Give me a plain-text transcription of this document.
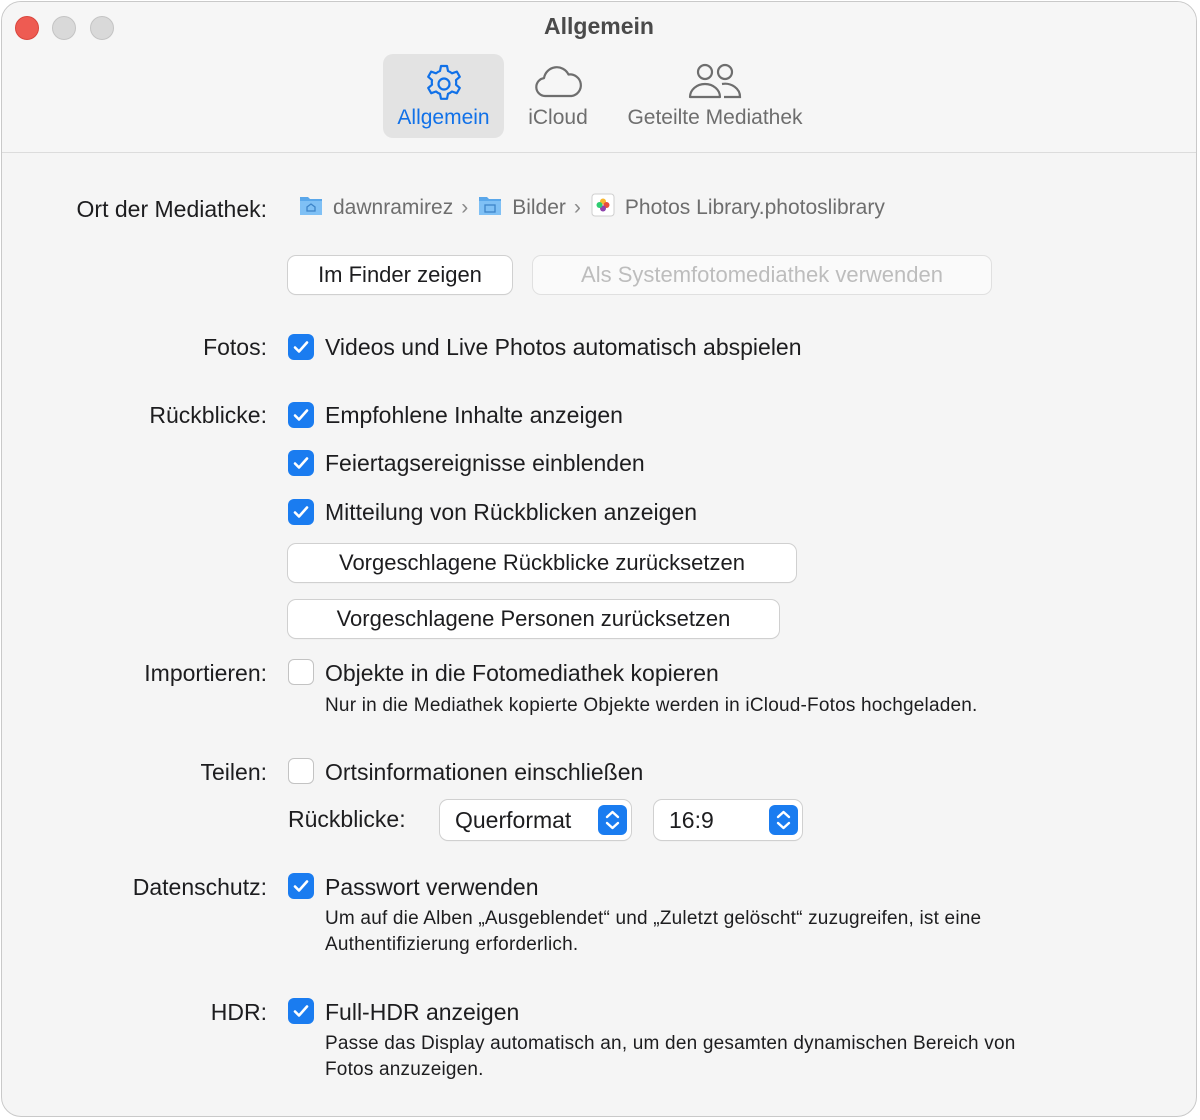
Allgemein
Allgemein	iCloud	Geteilte Mediathek
Ort der Mediathek:	dawnramirez › Bilder › Photos Library.photoslibrary
Im Finder zeigen	Als Systemfotomediathek verwenden
Fotos:	Videos und Live Photos automatisch abspielen
Rückblicke:	Empfohlene Inhalte anzeigen
Feiertagsereignisse einblenden
Mitteilung von Rückblicken anzeigen
Vorgeschlagene Rückblicke zurücksetzen
Vorgeschlagene Personen zurücksetzen
Importieren:	Objekte in die Fotomediathek kopieren
Nur in die Mediathek kopierte Objekte werden in iCloud-Fotos hochgeladen.
Teilen:	Ortsinformationen einschließen
Rückblicke: Querformat	16:9
Datenschutz:	Passwort verwenden
Um auf die Alben „Ausgeblendet“ und „Zuletzt gelöscht“ zuzugreifen, ist eine
Authentifizierung erforderlich.
HDR:	Full-HDR anzeigen
Passe das Display automatisch an, um den gesamten dynamischen Bereich von
Fotos anzuzeigen.
